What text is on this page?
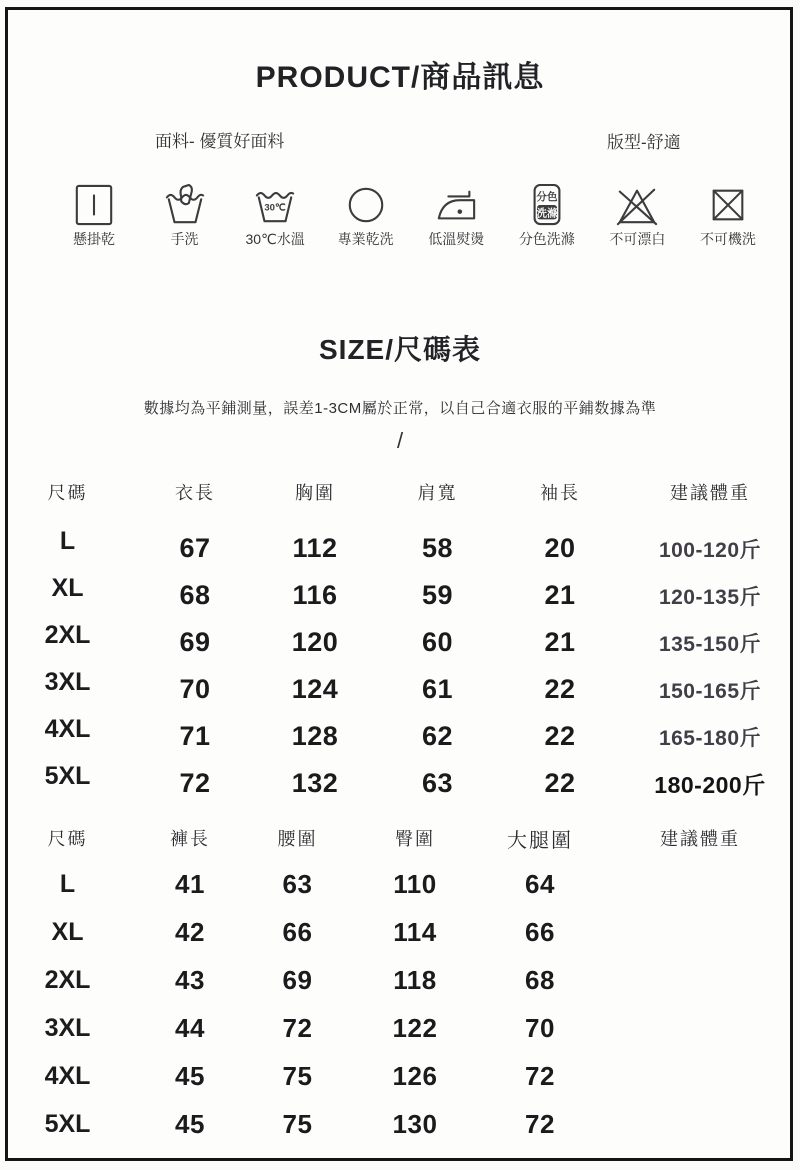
PRODUCT/商品訊息
面料- 優質好面料	版型-舒適
懸掛乾	手洗
30℃
30℃水溫 專業乾洗 低溫熨燙
分色
洗滌
分色洗滌 不可漂白 不可機洗
SIZE/尺碼表
數據均為平鋪測量，誤差1-3CM屬於正常，以自己合適衣服的平鋪数據為準
/
尺碼	衣長	胸圍	肩寬	袖長	建議體重
L	67	112	58	20	100-120斤
XL	68	116	59	21	120-135斤
2XL	69	120	60	21	135-150斤
3XL	70	124	61	22	150-165斤
4XL	71	128	62	22	165-180斤
5XL	72	132	63	22	180-200斤
尺碼	褲長	腰圍	臀圍	大腿圍	建議體重
L	41	63	110	64
XL	42	66	114	66
2XL	43	69	118	68
3XL	44	72	122	70
4XL	45	75	126	72
5XL	45	75	130	72
